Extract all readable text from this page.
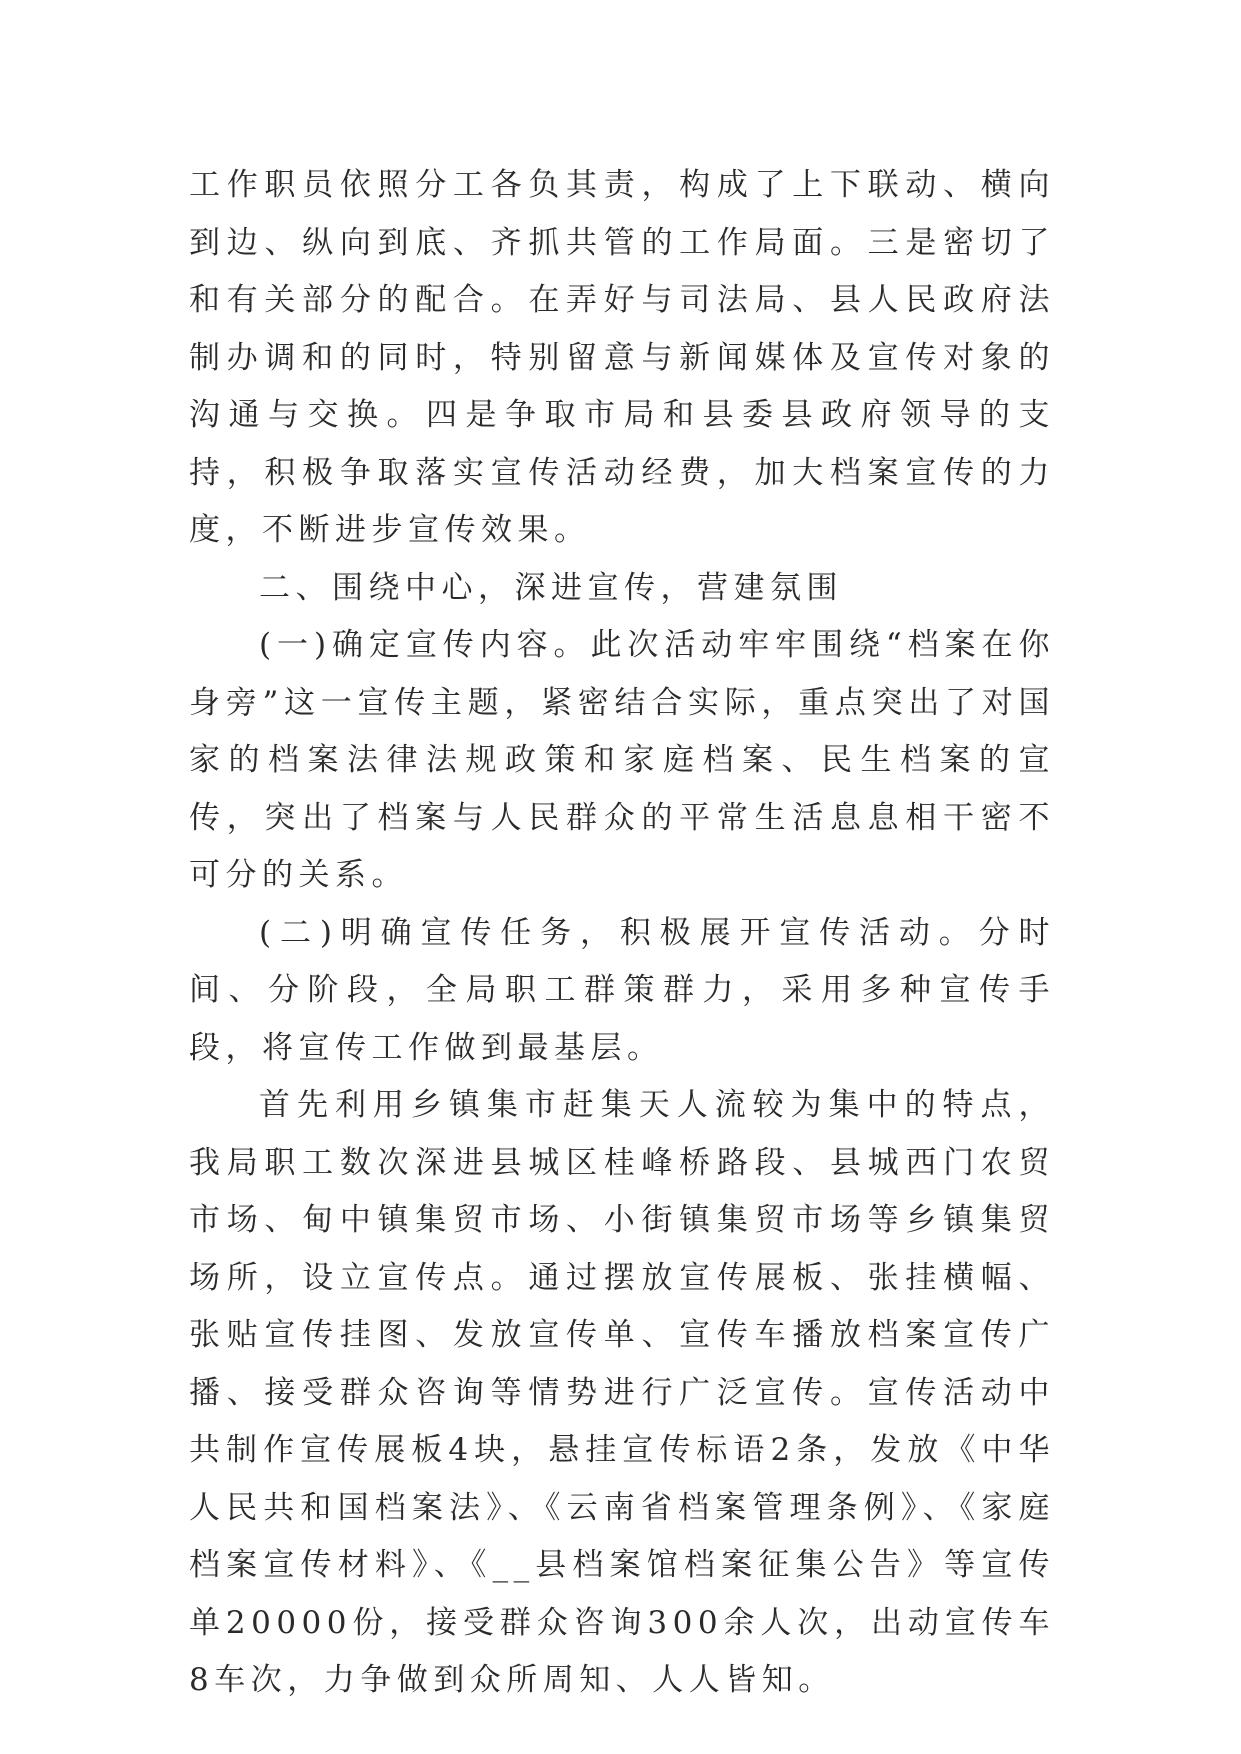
工作职员依照分工各负其责，构成了上下联动、横向到边、纵向到底、齐抓共管的工作局面。三是密切了和有关部分的配合。在弄好与司法局、县人民政府法制办调和的同时，特别留意与新闻媒体及宣传对象的沟通与交换。四是争取市局和县委县政府领导的支持，积极争取落实宣传活动经费，加大档案宣传的力度，不断进步宣传效果。

二、围绕中心，深进宣传，营建氛围

(一)确定宣传内容。此次活动牢牢围绕“档案在你身旁”这一宣传主题，紧密结合实际，重点突出了对国家的档案法律法规政策和家庭档案、民生档案的宣传，突出了档案与人民群众的平常生活息息相干密不可分的关系。

(二)明确宣传任务，积极展开宣传活动。分时间、分阶段，全局职工群策群力，采用多种宣传手段，将宣传工作做到最基层。

首先利用乡镇集市赶集天人流较为集中的特点，我局职工数次深进县城区桂峰桥路段、县城西门农贸市场、甸中镇集贸市场、小街镇集贸市场等乡镇集贸场所，设立宣传点。通过摆放宣传展板、张挂横幅、张贴宣传挂图、发放宣传单、宣传车播放档案宣传广播、接受群众咨询等情势进行广泛宣传。宣传活动中共制作宣传展板4块，悬挂宣传标语2条，发放《中华人民共和国档案法》、《云南省档案管理条例》、《家庭档案宣传材料》、《__县档案馆档案征集公告》等宣传单20000份，接受群众咨询300余人次，出动宣传车8车次，力争做到众所周知、人人皆知。
